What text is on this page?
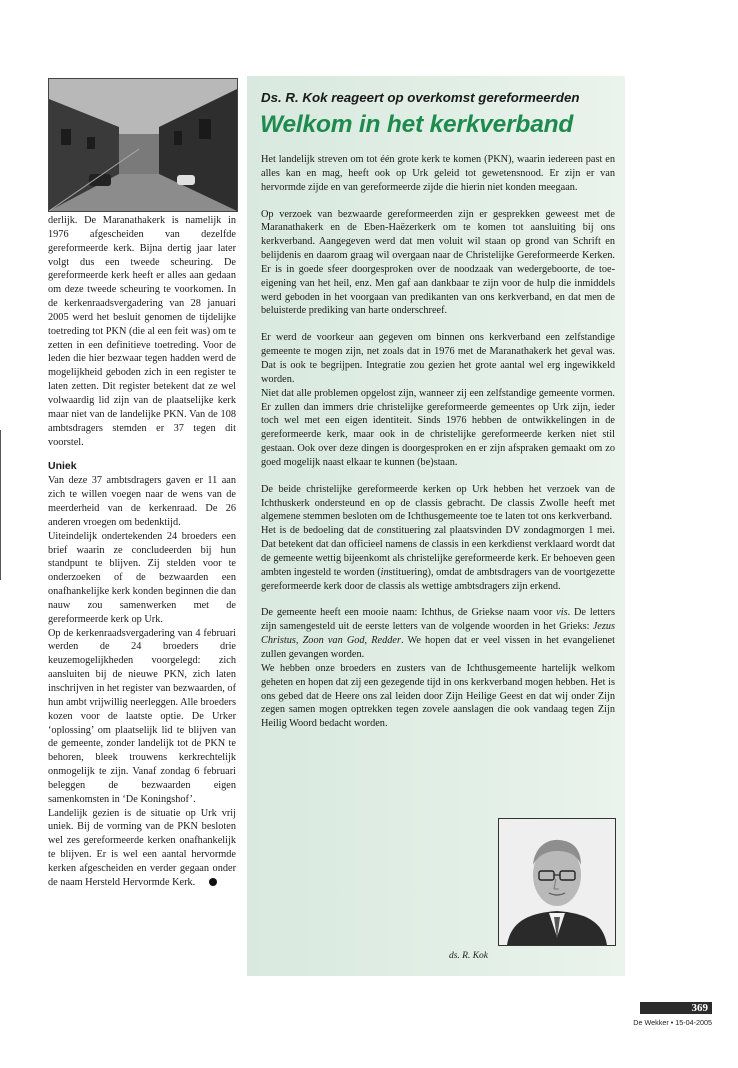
derlijk. De Maranathakerk is namelijk in 1976 afgescheiden van dezelfde gereformeerde kerk. Bijna dertig jaar later volgt dus een tweede scheuring. De gereformeerde kerk heeft er alles aan gedaan om deze tweede scheuring te voorkomen. In de kerkenraadsvergadering van 28 januari 2005 werd het besluit genomen de tijdelijke toetreding tot PKN (die al een feit was) om te zetten in een definitieve toetreding. Voor de leden die hier bezwaar tegen hadden werd de mogelijkheid geboden zich in een register te laten zetten. Dit register betekent dat ze wel volwaardig lid zijn van de plaatselijke kerk maar niet van de landelijke PKN. Van de 108 ambtsdragers stemden er 37 tegen dit voorstel.

Uniek

Van deze 37 ambtsdragers gaven er 11 aan zich te willen voegen naar de wens van de meerderheid van de kerkenraad. De 26 anderen vroegen om bedenktijd.

Uiteindelijk ondertekenden 24 broeders een brief waarin ze concludeerden bij hun standpunt te blijven. Zij stelden voor te onderzoeken of de bezwaarden een onafhankelijke kerk konden beginnen die dan nauw zou samenwerken met de gereformeerde kerk op Urk.

Op de kerkenraadsvergadering van 4 februari werden de 24 broeders drie keuzemogelijkheden voorgelegd: zich aansluiten bij de nieuwe PKN, zich laten inschrijven in het register van bezwaarden, of hun ambt vrijwillig neerleggen. Alle broeders kozen voor de laatste optie. De Urker ‘oplossing’ om plaatselijk lid te blijven van de gemeente, zonder landelijk tot de PKN te behoren, bleek trouwens kerkrechtelijk onmogelijk te zijn. Vanaf zondag 6 februari beleggen de bezwaarden eigen samenkomsten in ‘De Koningshof’.

Landelijk gezien is de situatie op Urk vrij uniek. Bij de vorming van de PKN besloten wel zes gereformeerde kerken onafhankelijk te blijven. Er is wel een aantal hervormde kerken afgescheiden en verder gegaan onder de naam Hersteld Hervormde Kerk.

Ds. R. Kok reageert op overkomst gereformeerden
Welkom in het kerkverband

Het landelijk streven om tot één grote kerk te komen (PKN), waarin iedereen past en alles kan en mag, heeft ook op Urk geleid tot gewetensnood. Er zijn er van hervormde zijde en van gereformeerde zijde die hierin niet konden meegaan.

Op verzoek van bezwaarde gereformeerden zijn er gesprekken geweest met de Maranathakerk en de Eben-Haëzerkerk om te komen tot aansluiting bij ons kerkverband. Aangegeven werd dat men voluit wil staan op grond van Schrift en belijdenis en daarom graag wil overgaan naar de Christelijke Gereformeerde Kerken. Er is in goede sfeer doorgesproken over de noodzaak van wedergeboorte, de toe-eigening van het heil, enz. Men gaf aan dankbaar te zijn voor de hulp die inmiddels werd geboden in het voorgaan van predikanten van ons kerkverband, en dat men de beluisterde prediking van harte onderschreef.

Er werd de voorkeur aan gegeven om binnen ons kerkverband een zelfstandige gemeente te mogen zijn, net zoals dat in 1976 met de Maranathakerk het geval was. Dat is ook te begrijpen. Integratie zou gezien het grote aantal wel erg ingewikkeld worden.

Niet dat alle problemen opgelost zijn, wanneer zij een zelfstandige gemeente vormen. Er zullen dan immers drie christelijke gereformeerde gemeentes op Urk zijn, ieder toch wel met een eigen identiteit. Sinds 1976 hebben de ontwikkelingen in de gereformeerde kerk, maar ook in de christelijke gereformeerde kerken niet stil gestaan. Ook over deze dingen is doorgesproken en er zijn afspraken gemaakt om zo goed mogelijk naast elkaar te kunnen (be)staan.

De beide christelijke gereformeerde kerken op Urk hebben het verzoek van de Ichthuskerk ondersteund en op de classis gebracht. De classis Zwolle heeft met algemene stemmen besloten om de Ichthusgemeente toe te laten tot ons kerkverband.

Het is de bedoeling dat de constituering zal plaatsvinden DV zondagmorgen 1 mei. Dat betekent dat dan officieel namens de classis in een kerkdienst verklaard wordt dat de gemeente wettig bijeenkomt als christelijke gereformeerde kerk. Er behoeven geen ambten ingesteld te worden (instituering), omdat de ambtsdragers van de voortgezette gereformeerde kerk door de classis als wettige ambtsdragers zijn erkend.

De gemeente heeft een mooie naam: Ichthus, de Griekse naam voor vis. De letters zijn samengesteld uit de eerste letters van de volgende woorden in het Grieks: Jezus Christus, Zoon van God, Redder. We hopen dat er veel vissen in het evangelienet zullen gevangen worden.

We hebben onze broeders en zusters van de Ichthusgemeente hartelijk welkom geheten en hopen dat zij een gezegende tijd in ons kerkverband mogen hebben. Het is ons gebed dat de Heere ons zal leiden door Zijn Heilige Geest en dat wij onder Zijn zegen samen mogen optrekken tegen zovele aanslagen die ook vandaag tegen Zijn Heilig Woord bedacht worden.

ds. R. Kok
369
De Wekker • 15-04-2005
